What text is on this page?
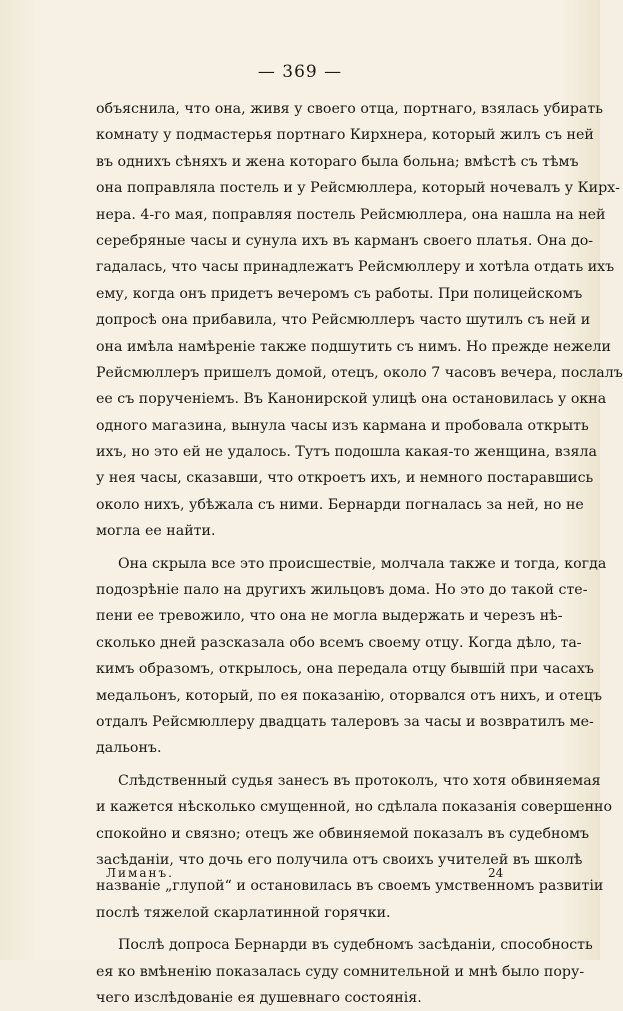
— 369 —
объяснила, что она, живя у своего отца, портнаго, взялась убирать
комнату у подмастерья портнаго Кирхнера, который жилъ съ ней
въ однихъ сѣняхъ и жена котораго была больна; вмѣстѣ съ тѣмъ
она поправляла постель и у Рейсмюллера, который ночевалъ у Кирх-
нера. 4-го мая, поправляя постель Рейсмюллера, она нашла на ней
серебряные часы и сунула ихъ въ карманъ своего платья. Она до-
гадалась, что часы принадлежатъ Рейсмюллеру и хотѣла отдать ихъ
ему, когда онъ придетъ вечеромъ съ работы. При полицейскомъ
допросѣ она прибавила, что Рейсмюллеръ часто шутилъ съ ней и
она имѣла намѣреніе также подшутить съ нимъ. Но прежде нежели
Рейсмюллеръ пришелъ домой, отецъ, около 7 часовъ вечера, послалъ
ее съ порученіемъ. Въ Канонирской улицѣ она остановилась у окна
одного магазина, вынула часы изъ кармана и пробовала открыть
ихъ, но это ей не удалось. Тутъ подошла какая-то женщина, взяла
у нея часы, сказавши, что откроетъ ихъ, и немного постаравшись
около нихъ, убѣжала съ ними. Бернарди погналась за ней, но не
могла ее найти.
Она скрыла все это происшествіе, молчала также и тогда, когда
подозрѣніе пало на другихъ жильцовъ дома. Но это до такой сте-
пени ее тревожило, что она не могла выдержать и черезъ нѣ-
сколько дней разсказала обо всемъ своему отцу. Когда дѣло, та-
кимъ образомъ, открылось, она передала отцу бывшій при часахъ
медальонъ, который, по ея показанію, оторвался отъ нихъ, и отецъ
отдалъ Рейсмюллеру двадцать талеровъ за часы и возвратилъ ме-
дальонъ.
Слѣдственный судья занесъ въ протоколъ, что хотя обвиняемая
и кажется нѣсколько смущенной, но сдѣлала показанія совершенно
спокойно и связно; отецъ же обвиняемой показалъ въ судебномъ
засѣданіи, что дочь его получила отъ своихъ учителей въ школѣ
названіе „глупой“ и остановилась въ своемъ умственномъ развитіи
послѣ тяжелой скарлатинной горячки.
Послѣ допроса Бернарди въ судебномъ засѣданіи, способность
ея ко вмѣненію показалась суду сомнительной и мнѣ было пору-
чего изслѣдованіе ея душевнаго состоянія.
Лиманъ.	24
